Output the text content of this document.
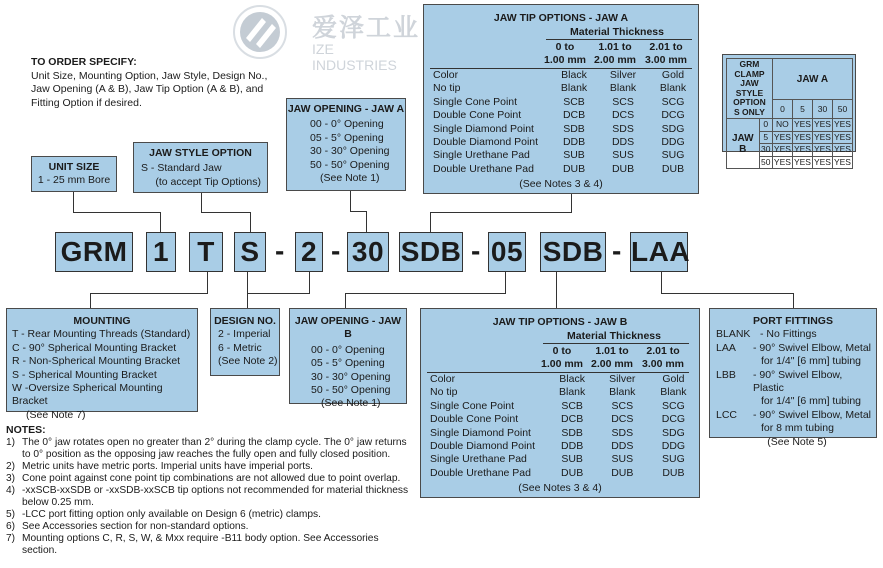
爱泽工业
IZE INDUSTRIES
TO ORDER SPECIFY:
Unit Size, Mounting Option, Jaw Style, Design No.,
Jaw Opening (A & B), Jaw Tip Option (A & B), and
Fitting Option if desired.
UNIT SIZE
1 - 25 mm Bore
JAW STYLE OPTION
S - Standard Jaw
(to accept Tip Options)
JAW OPENING - JAW A
00 - 0° Opening
05 - 5° Opening
30 - 30° Opening
50 - 50° Opening
(See Note 1)
JAW TIP OPTIONS - JAW A
Material Thickness
0 to
1.00 mm
1.01 to
2.00 mm
2.01 to
3.00 mm
Color	Black	Silver	Gold
No tip	Blank	Blank	Blank
Single Cone Point	SCB	SCS	SCG
Double Cone Point	DCB	DCS	DCG
Single Diamond Point	SDB	SDS	SDG
Double Diamond Point	DDB	DDS	DDG
Single Urethane Pad	SUB	SUS	SUG
Double Urethane Pad	DUB	DUB	DUB
(See Notes 3 & 4)
GRM CLAMP
JAW STYLE
OPTION
S ONLY		JAW A			
		0	5	30	50
JAW B	0	NO	YES	YES	YES
	5	YES	YES	YES	YES
	30	YES	YES	YES	YES
	50	YES	YES	YES	YES
GRM 1 T S - 2 - 30 SDB - 05 SDB - LAA
MOUNTING
T - Rear Mounting Threads (Standard)
C - 90° Spherical Mounting Bracket
R - Non-Spherical Mounting Bracket
S - Spherical Mounting Bracket
W -Oversize Spherical Mounting Bracket
(See Note 7)
DESIGN NO.
2 - Imperial
6 - Metric
(See Note 2)
JAW OPENING - JAW B
00 - 0° Opening
05 - 5° Opening
30 - 30° Opening
50 - 50° Opening
(See Note 1)
JAW TIP OPTIONS - JAW B
Material Thickness
0 to
1.00 mm
1.01 to
2.00 mm
2.01 to
3.00 mm
Color	Black	Silver	Gold
No tip	Blank	Blank	Blank
Single Cone Point	SCB	SCS	SCG
Double Cone Point	DCB	DCS	DCG
Single Diamond Point	SDB	SDS	SDG
Double Diamond Point	DDB	DDS	DDG
Single Urethane Pad	SUB	SUS	SUG
Double Urethane Pad	DUB	DUB	DUB
(See Notes 3 & 4)
PORT FITTINGS
BLANK - No Fittings
LAA	- 90° Swivel Elbow, Metal
for 1/4" [6 mm] tubing
LBB	- 90° Swivel Elbow, Plastic
for 1/4" [6 mm] tubing
LCC	- 90° Swivel Elbow, Metal
for 8 mm tubing
(See Note 5)
NOTES:
1) The 0° jaw rotates open no greater than 2° during the clamp cycle. The 0° jaw returns
to 0° position as the opposing jaw reaches the fully open and fully closed position.
2) Metric units have metric ports. Imperial units have imperial ports.
3) Cone point against cone point tip combinations are not allowed due to point overlap.
4) -xxSCB-xxSDB or -xxSDB-xxSCB tip options not recommended for material thickness
below 0.25 mm.
5) -LCC port fitting option only available on Design 6 (metric) clamps.
6) See Accessories section for non-standard options.
7) Mounting options C, R, S, W, & Mxx require -B11 body option. See Accessories section.
